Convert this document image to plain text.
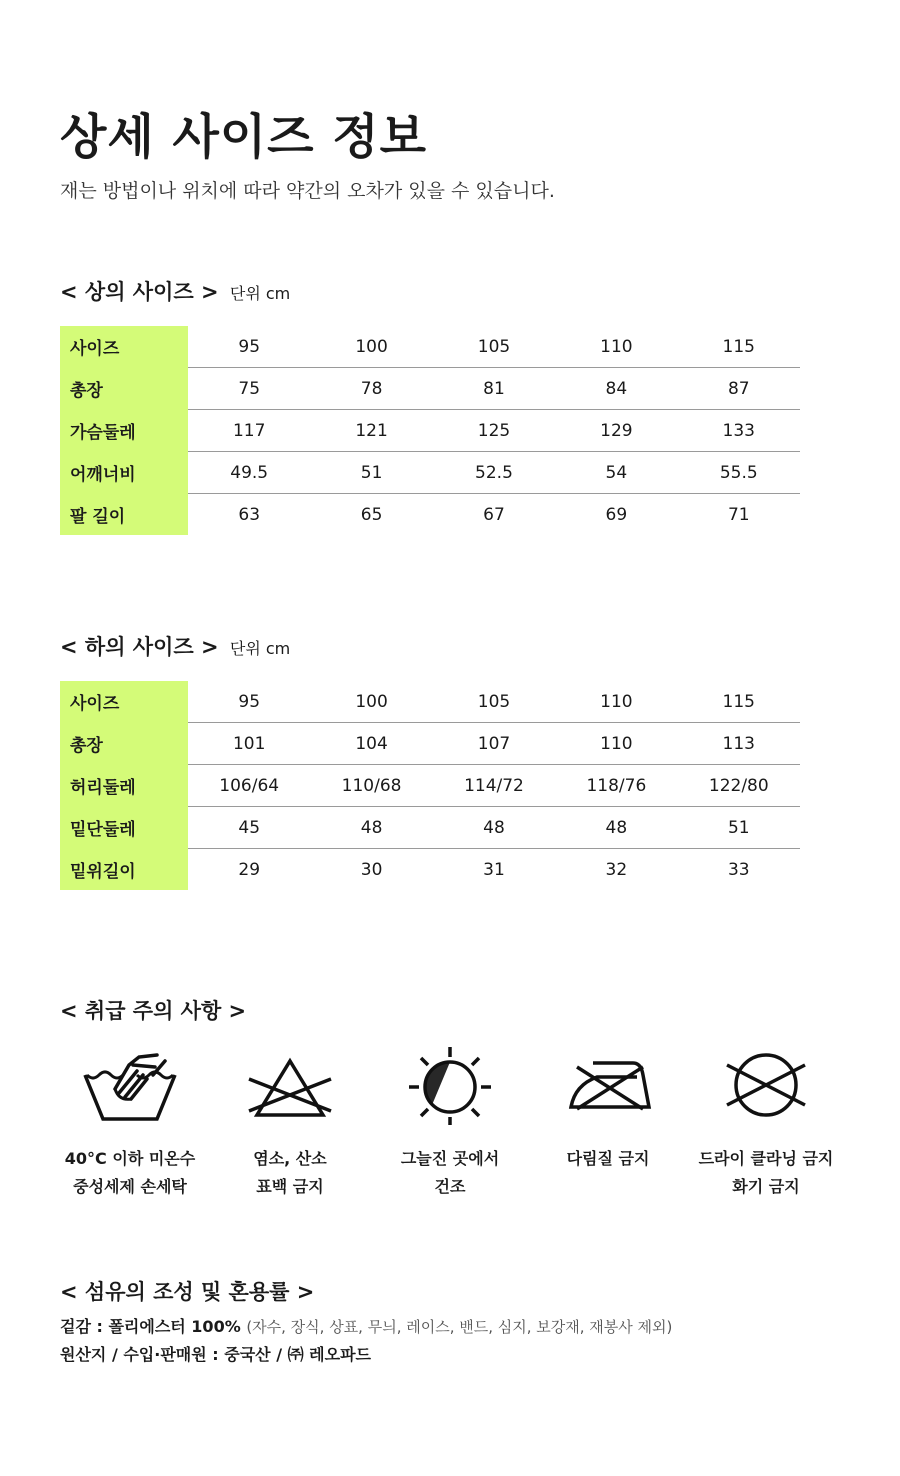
상세 사이즈 정보
재는 방법이나 위치에 따라 약간의 오차가 있을 수 있습니다.
< 상의 사이즈 > 단위 cm
사이즈	95	100	105	110	115
총장	75	78	81	84	87
가슴둘레	117	121	125	129	133
어깨너비	49.5	51	52.5	54	55.5
팔 길이	63	65	67	69	71
< 하의 사이즈 > 단위 cm
사이즈	95	100	105	110	115
총장	101	104	107	110	113
허리둘레	106/64	110/68	114/72	118/76	122/80
밑단둘레	45	48	48	48	51
밑위길이	29	30	31	32	33
< 취급 주의 사항 >
40°C 이하 미온수
중성세제 손세탁
염소, 산소
표백 금지
그늘진 곳에서
건조
다림질 금지	드라이 클라닝 금지
화기 금지
< 섬유의 조성 및 혼용률 >
겉감 : 폴리에스터 100% (자수, 장식, 상표, 무늬, 레이스, 밴드, 심지, 보강재, 재봉사 제외)
원산지 / 수입·판매원 : 중국산 / ㈜ 레오파드
